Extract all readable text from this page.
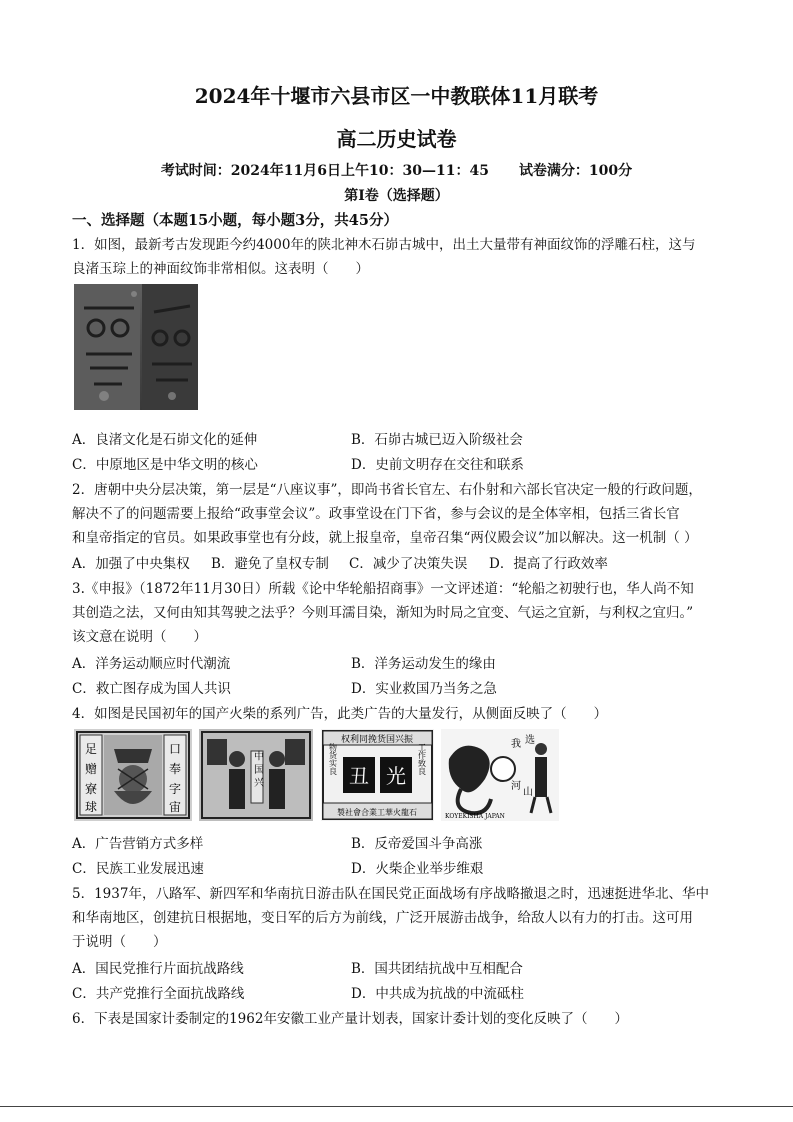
2024年十堰市六县市区一中教联体11月联考
高二历史试卷
考试时间：2024年11月6日上午10：30—11：45 试卷满分：100分
第Ⅰ卷（选择题）
一、选择题（本题15小题，每小题3分，共45分）
1．如图，最新考古发现距今约4000年的陕北神木石峁古城中，出土大量带有神面纹饰的浮雕石柱，这与
良渚玉琮上的神面纹饰非常相似。这表明（　　）
A．良渚文化是石峁文化的延伸	B．石峁古城已迈入阶级社会
C．中原地区是中华文明的核心	D．史前文明存在交往和联系
2．唐朝中央分层决策，第一层是“八座议事”，即尚书省长官左、右仆射和六部长官决定一般的行政问题，
解决不了的问题需要上报给“政事堂会议”。政事堂设在门下省，参与会议的是全体宰相，包括三省长官
和皇帝指定的官员。如果政事堂也有分歧，就上报皇帝，皇帝召集“两仪殿会议”加以解决。这一机制（ ）
A．加强了中央集权 B．避免了皇权专制 C．减少了决策失误 D．提高了行政效率
3.《申报》（1872年11月30日）所载《论中华轮船招商事》一文评述道：“轮船之初驶行也，华人尚不知
其创造之法，又何由知其驾驶之法乎？今则耳濡目染，渐知为时局之宜变、气运之宜新，与利权之宜归。”
该文意在说明（　　）
A．洋务运动顺应时代潮流	B．洋务运动发生的缘由
C．救亡图存成为国人共识	D．实业救国乃当务之急
4．如图是民国初年的国产火柴的系列广告，此类广告的大量发行，从侧面反映了（　　）
足
赠
寮
球
口
奉
字
宙
中 国 兴
权利同挽货国兴振
物货实良	工作致良
丑 光
製社會合業工華火龍石
我 选
河
山
KOYEKISHA JAPAN
A．广告营销方式多样	B．反帝爱国斗争高涨
C．民族工业发展迅速	D．火柴企业举步维艰
5．1937年，八路军、新四军和华南抗日游击队在国民党正面战场有序战略撤退之时，迅速挺进华北、华中
和华南地区，创建抗日根据地，变日军的后方为前线，广泛开展游击战争，给敌人以有力的打击。这可用
于说明（　　）
A．国民党推行片面抗战路线	B．国共团结抗战中互相配合
C．共产党推行全面抗战路线	D．中共成为抗战的中流砥柱
6．下表是国家计委制定的1962年安徽工业产量计划表，国家计委计划的变化反映了（　　）
